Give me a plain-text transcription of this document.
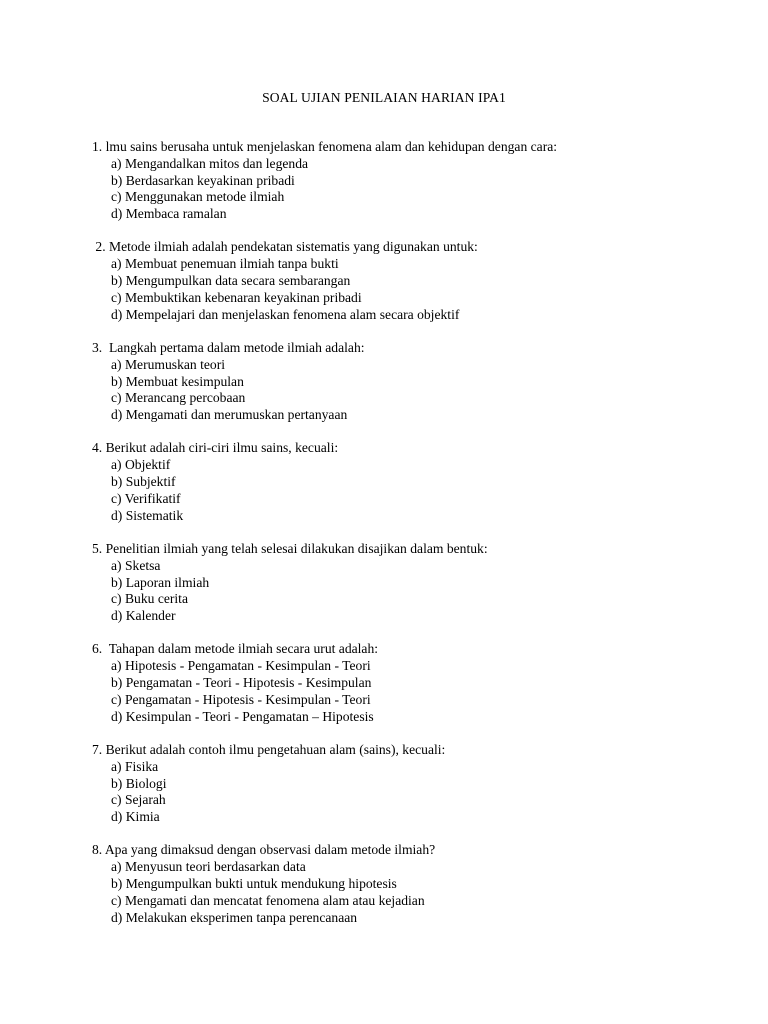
SOAL UJIAN PENILAIAN HARIAN IPA1
1. lmu sains berusaha untuk menjelaskan fenomena alam dan kehidupan dengan cara:
a) Mengandalkan mitos dan legenda
b) Berdasarkan keyakinan pribadi
c) Menggunakan metode ilmiah
d) Membaca ramalan
2. Metode ilmiah adalah pendekatan sistematis yang digunakan untuk:
a) Membuat penemuan ilmiah tanpa bukti
b) Mengumpulkan data secara sembarangan
c) Membuktikan kebenaran keyakinan pribadi
d) Mempelajari dan menjelaskan fenomena alam secara objektif
3.  Langkah pertama dalam metode ilmiah adalah:
a) Merumuskan teori
b) Membuat kesimpulan
c) Merancang percobaan
d) Mengamati dan merumuskan pertanyaan
4. Berikut adalah ciri-ciri ilmu sains, kecuali:
a) Objektif
b) Subjektif
c) Verifikatif
d) Sistematik
5. Penelitian ilmiah yang telah selesai dilakukan disajikan dalam bentuk:
a) Sketsa
b) Laporan ilmiah
c) Buku cerita
d) Kalender
6.  Tahapan dalam metode ilmiah secara urut adalah:
a) Hipotesis - Pengamatan - Kesimpulan - Teori
b) Pengamatan - Teori - Hipotesis - Kesimpulan
c) Pengamatan - Hipotesis - Kesimpulan - Teori
d) Kesimpulan - Teori - Pengamatan – Hipotesis
7. Berikut adalah contoh ilmu pengetahuan alam (sains), kecuali:
a) Fisika
b) Biologi
c) Sejarah
d) Kimia
8. Apa yang dimaksud dengan observasi dalam metode ilmiah?
a) Menyusun teori berdasarkan data
b) Mengumpulkan bukti untuk mendukung hipotesis
c) Mengamati dan mencatat fenomena alam atau kejadian
d) Melakukan eksperimen tanpa perencanaan
